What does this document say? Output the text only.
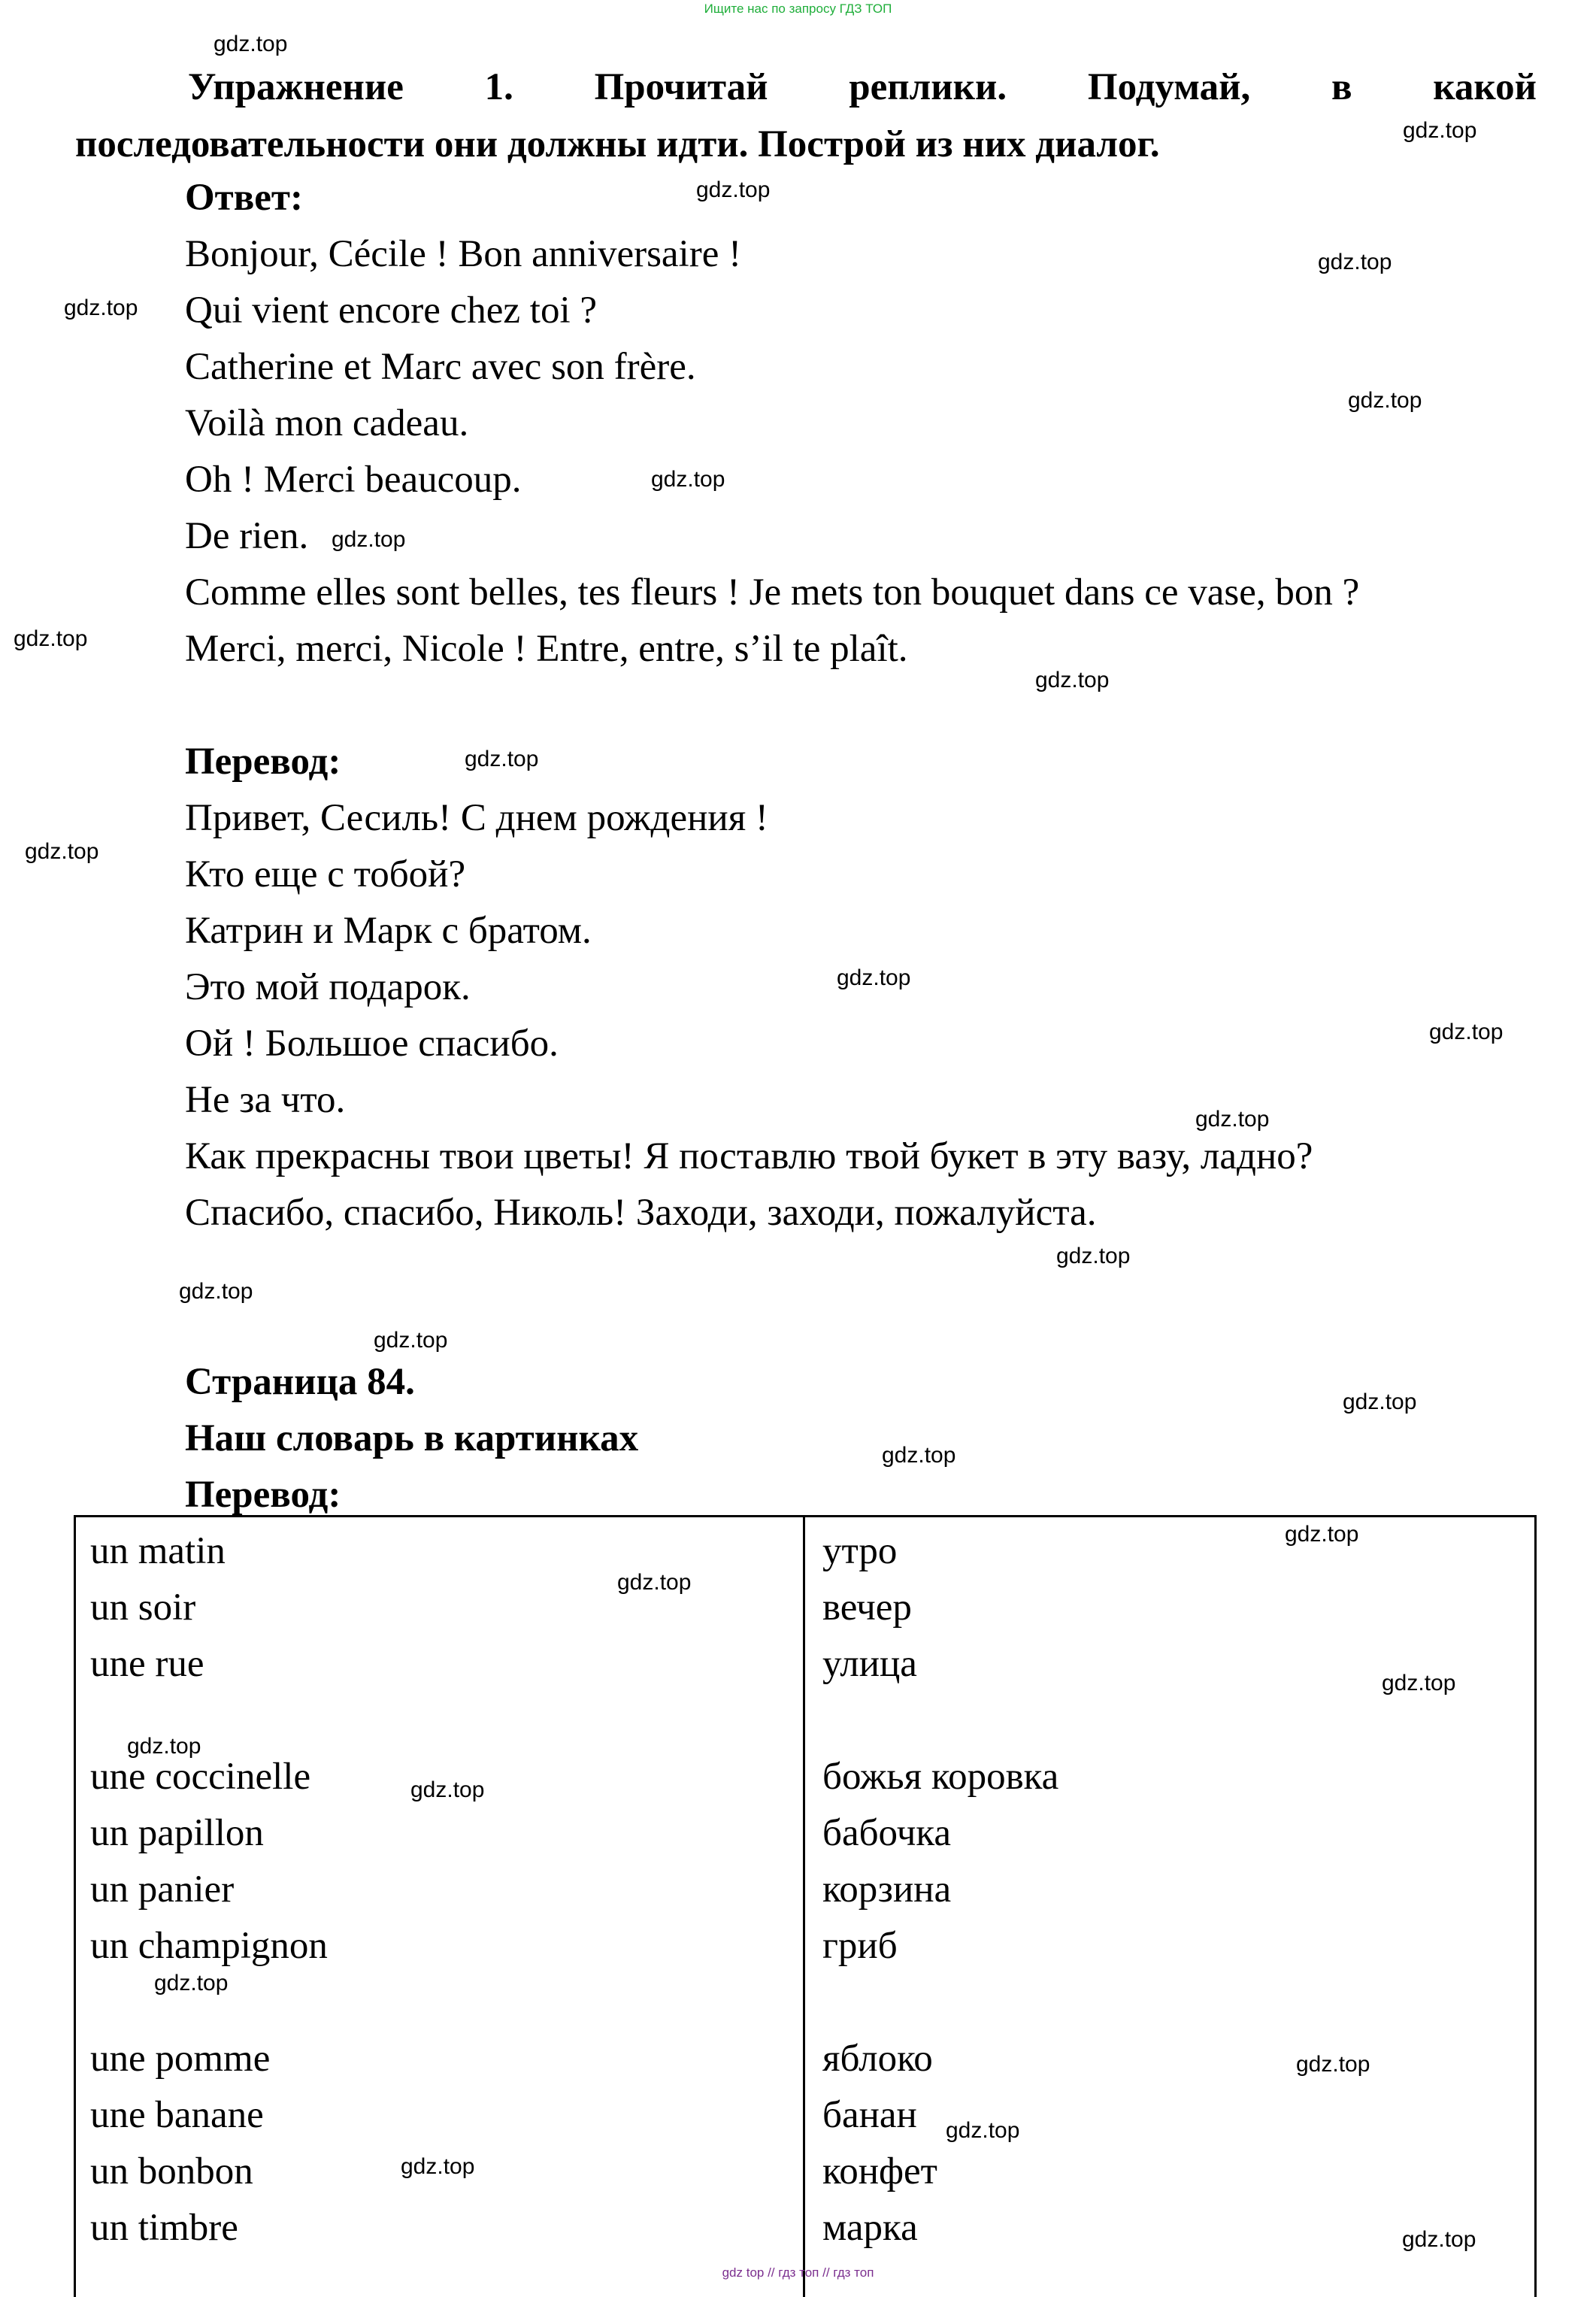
Ищите нас по запросу ГДЗ ТОП
Упражнение 1. Прочитай реплики. Подумай, в какой
последовательности они должны идти. Построй из них диалог.
Ответ:
Bonjour, Cécile ! Bon anniversaire !
Qui vient encore chez toi ?
Catherine et Marc avec son frère.
Voilà mon cadeau.
Oh ! Merci beaucoup.
De rien.
Comme elles sont belles, tes fleurs ! Je mets ton bouquet dans ce vase, bon ?
Merci, merci, Nicole ! Entre, entre, s’il te plaît.
Перевод:
Привет, Сесиль! С днем рождения !
Кто еще с тобой?
Катрин и Марк с братом.
Это мой подарок.
Ой ! Большое спасибо.
Не за что.
Как прекрасны твои цветы! Я поставлю твой букет в эту вазу, ладно?
Спасибо, спасибо, Николь! Заходи, заходи, пожалуйста.
Страница 84.
Наш словарь в картинках
Перевод:
un matin	утро
un soir	вечер
une rue	улица
une coccinelle	божья коровка
un papillon	бабочка
un panier	корзина
un champignon	гриб
une pomme	яблоко
une banane	банан
un bonbon	конфет
un timbre	марка
gdz.top
gdz.top
gdz.top
gdz.top
gdz.top
gdz.top
gdz.top
gdz.top
gdz.top
gdz.top
gdz.top
gdz.top
gdz.top
gdz.top
gdz.top
gdz.top
gdz.top
gdz.top
gdz.top
gdz.top
gdz.top
gdz.top
gdz.top
gdz.top
gdz.top
gdz.top
gdz.top
gdz.top
gdz.top
gdz.top
gdz top // гдз топ // гдз топ
